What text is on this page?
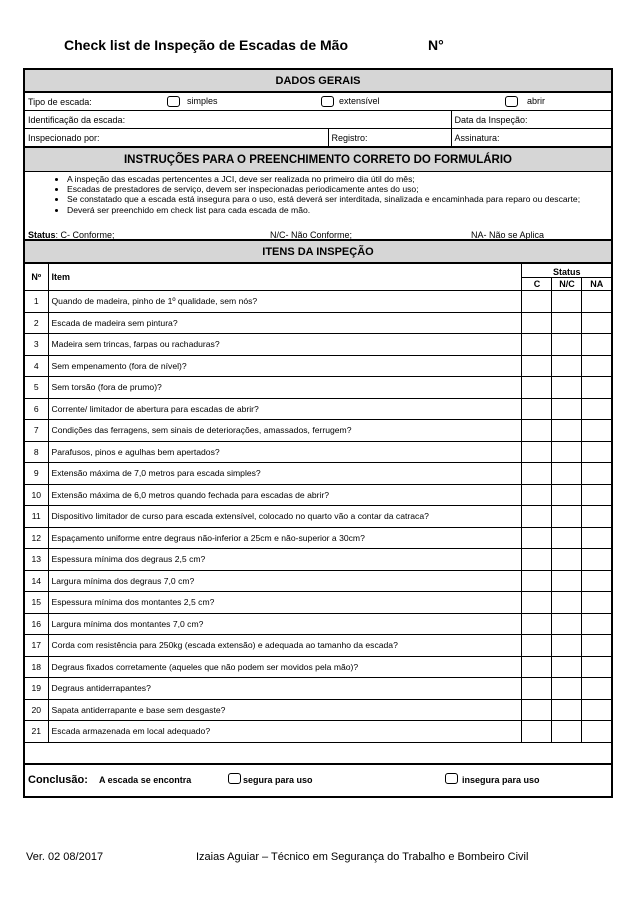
Check list de Inspeção de Escadas de Mão	N°
DADOS GERAIS
Tipo de escada: simples extensível abrir		

Identificação da escada:		Data da Inspeção:
Inspecionado por:	Registro:	Assinatura:
INSTRUÇÕES PARA O PREENCHIMENTO CORRETO DO FORMULÁRIO
• A inspeção das escadas pertencentes a JCI, deve ser realizada no primeiro dia útil do mês;
• Escadas de prestadores de serviço, devem ser inspecionadas periodicamente antes do uso;
• Se constatado que a escada está insegura para o uso, está deverá ser interditada, sinalizada e encaminhada para reparo ou descarte;
• Deverá ser preenchido em check list para cada escada de mão.
Status: C- Conforme;	N/C- Não Conforme;	NA- Não se Aplica
ITENS DA INSPEÇÃO
Nº	Item	Status		
		C	N/C	NA
1	Quando de madeira, pinho de 1º qualidade, sem nós?			
2	Escada de madeira sem pintura?			
3	Madeira sem trincas, farpas ou rachaduras?			
4	Sem empenamento (fora de nível)?			
5	Sem torsão (fora de prumo)?			
6	Corrente/ limitador de abertura para escadas de abrir?			
7	Condições das ferragens, sem sinais de deteriorações, amassados, ferrugem?			
8	Parafusos, pinos e agulhas bem apertados?			
9	Extensão máxima de 7,0 metros para escada simples?			
10	Extensão máxima de 6,0 metros quando fechada para escadas de abrir?			
11	Dispositivo limitador de curso para escada extensível, colocado no quarto vão a contar da catraca?			
12	Espaçamento uniforme entre degraus não-inferior a 25cm e não-superior a 30cm?			
13	Espessura mínima dos degraus 2,5 cm?			
14	Largura mínima dos degraus 7,0 cm?			
15	Espessura mínima dos montantes 2,5 cm?			
16	Largura mínima dos montantes 7,0 cm?			
17	Corda com resistência para 250kg (escada extensão) e adequada ao tamanho da escada?			
18	Degraus fixados corretamente (aqueles que não podem ser movidos pela mão)?			
19	Degraus antiderrapantes?			
20	Sapata antiderrapante e base sem desgaste?			
21	Escada armazenada em local adequado?			
Conclusão: A escada se encontra	segura para uso	insegura para uso
Ver. 02 08/2017	Izaias Aguiar – Técnico em Segurança do Trabalho e Bombeiro Civil
